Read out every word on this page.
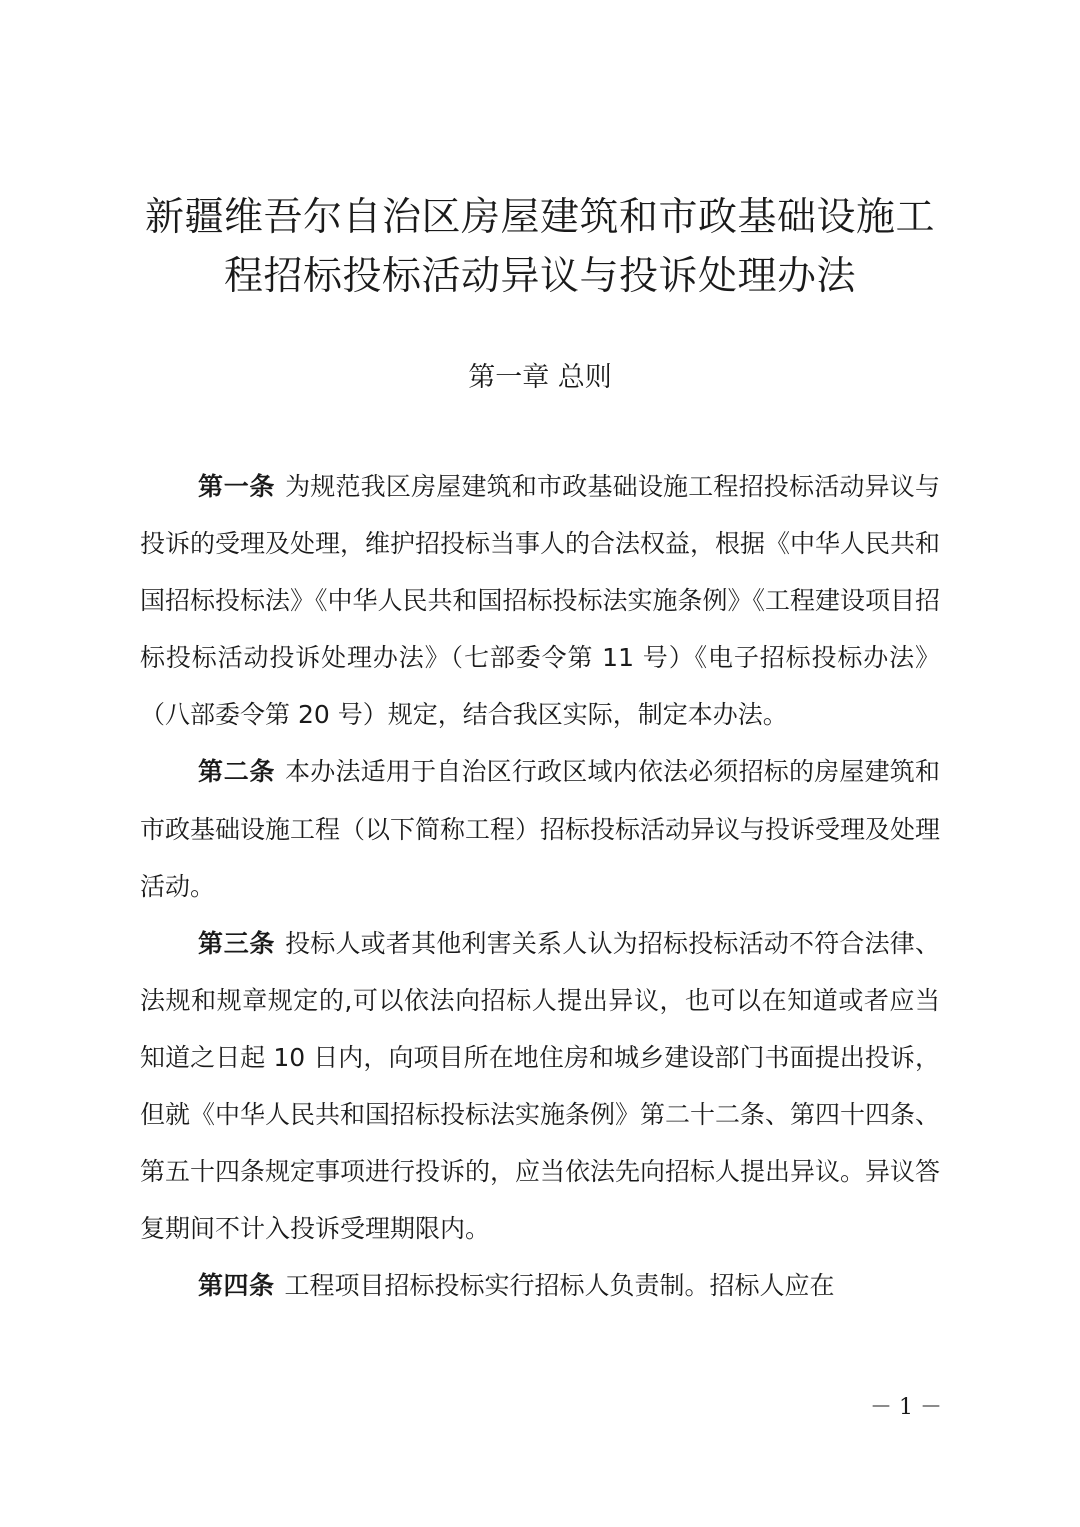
新疆维吾尔自治区房屋建筑和市政基础设施工
程招标投标活动异议与投诉处理办法
第一章 总则

第一条 为规范我区房屋建筑和市政基础设施工程招投标活动异议与投诉的受理及处理，维护招投标当事人的合法权益，根据《中华人民共和国招标投标法》《中华人民共和国招标投标法实施条例》《工程建设项目招标投标活动投诉处理办法》（七部委令第 11 号）《电子招标投标办法》（八部委令第 20 号）规定，结合我区实际，制定本办法。

第二条 本办法适用于自治区行政区域内依法必须招标的房屋建筑和市政基础设施工程（以下简称工程）招标投标活动异议与投诉受理及处理活动。

第三条 投标人或者其他利害关系人认为招标投标活动不符合法律、法规和规章规定的,可以依法向招标人提出异议，也可以在知道或者应当知道之日起 10 日内，向项目所在地住房和城乡建设部门书面提出投诉，但就《中华人民共和国招标投标法实施条例》第二十二条、第四十四条、第五十四条规定事项进行投诉的，应当依法先向招标人提出异议。异议答复期间不计入投诉受理期限内。

第四条 工程项目招标投标实行招标人负责制。招标人应在

－ 1 －
